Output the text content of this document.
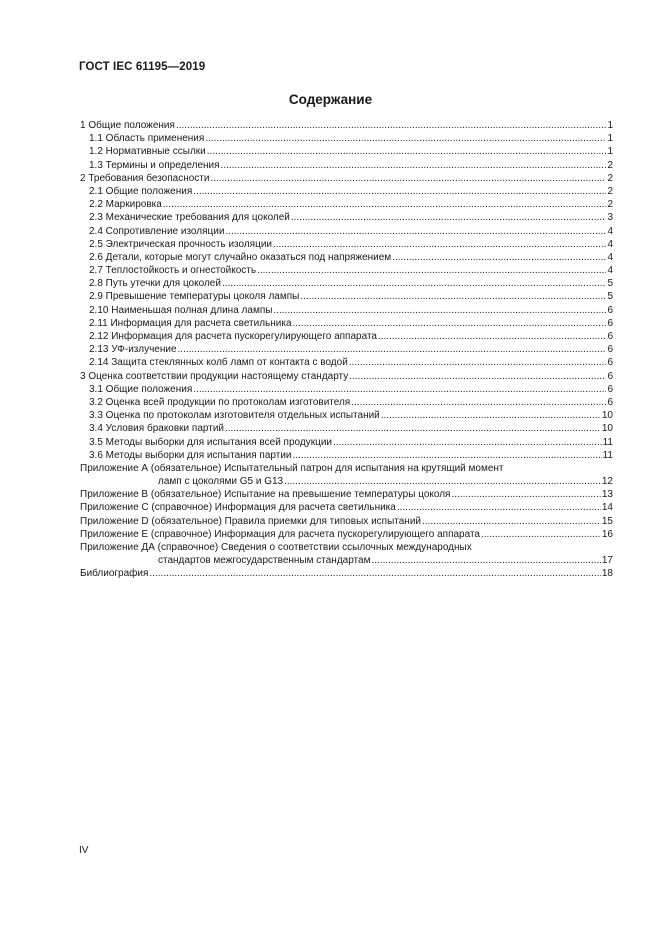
ГОСТ IEC 61195—2019
Содержание
1 Общие положения .....	1
1.1 Область применения .....	1
1.2 Нормативные ссылки .....	1
1.3 Термины и определения .....	2
2 Требования безопасности .....	2
2.1 Общие положения .....	2
2.2 Маркировка .....	2
2.3 Механические требования для цоколей .....	3
2.4 Сопротивление изоляции .....	4
2.5 Электрическая прочность изоляции .....	4
2.6 Детали, которые могут случайно оказаться под напряжением .....	4
2.7 Теплостойкость и огнестойкость .....	4
2.8 Путь утечки для цоколей .....	5
2.9 Превышение температуры цоколя лампы .....	5
2.10 Наименьшая полная длина лампы .....	6
2.11 Информация для расчета светильника .....	6
2.12 Информация для расчета пускорегулирующего аппарата .....	6
2.13 УФ-излучение .....	6
2.14 Защита стеклянных колб ламп от контакта с водой .....	6
3 Оценка соответствии продукции настоящему стандарту .....	6
3.1 Общие положения .....	6
3.2 Оценка всей продукции по протоколам изготовителя .....	6
3.3 Оценка по протоколам изготовителя отдельных испытаний .....	10
3.4 Условия браковки партий .....	10
3.5 Методы выборки для испытания всей продукции .....	11
3.6 Методы выборки для испытания партии .....	11
Приложение А (обязательное) Испытательный патрон для испытания на крутящий момент
ламп с цоколями G5 и G13 .....	12
Приложение В (обязательное) Испытание на превышение температуры цоколя .....	13
Приложение С (справочное) Информация для расчета светильника .....	14
Приложение D (обязательное) Правила приемки для типовых испытаний .....	15
Приложение Е (справочное) Информация для расчета пускорегулирующего аппарата .....	16
Приложение ДА (справочное) Сведения о соответствии ссылочных международных
стандартов межгосударственным стандартам .....	17
Библиография .....	18
IV
